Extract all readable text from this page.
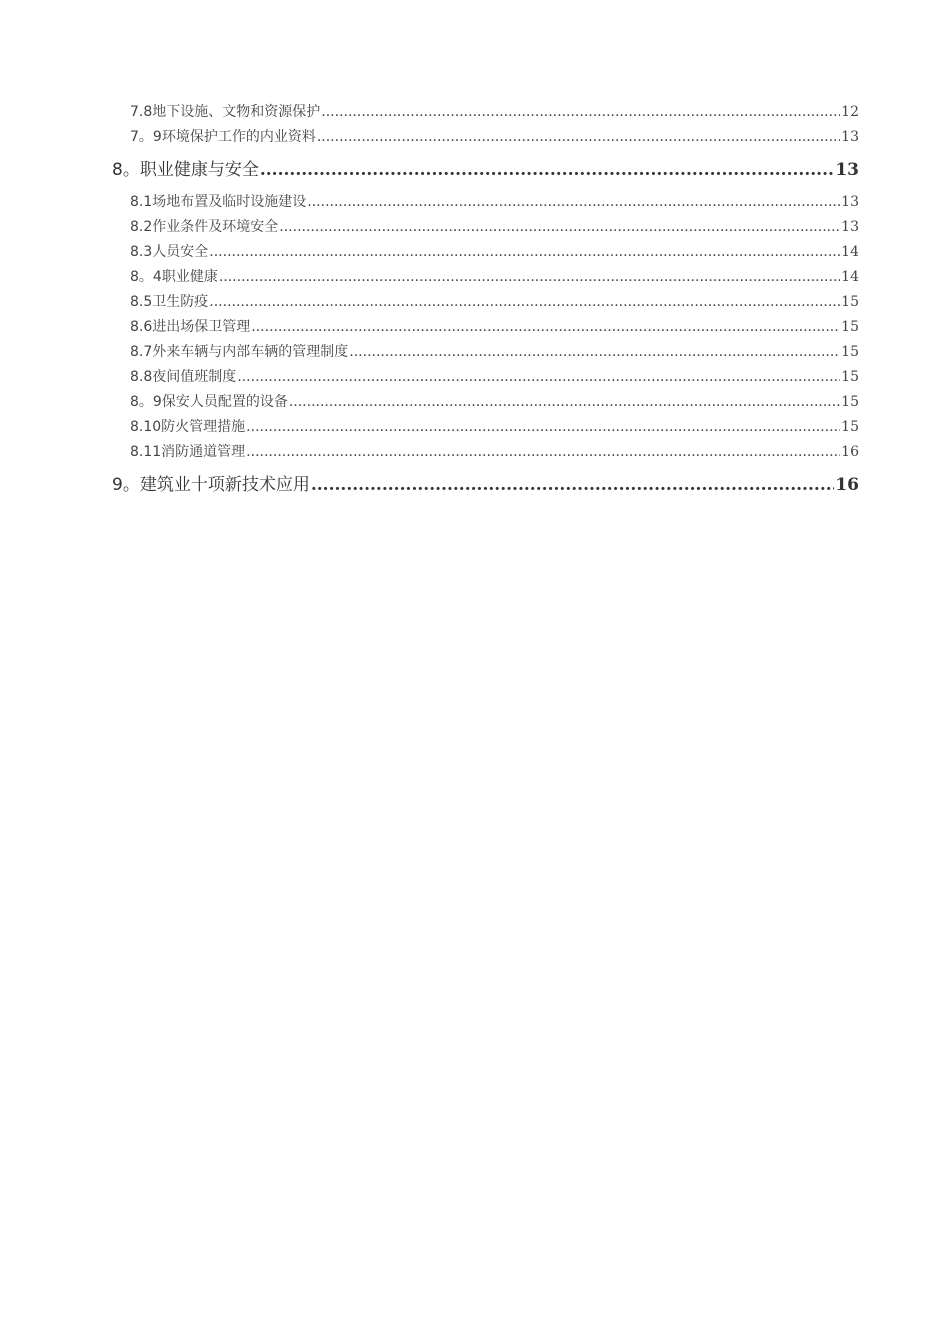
7.8地下设施、文物和资源保护 .....	12
7。9环境保护工作的内业资料 .....	13
8。职业健康与安全 .....	13
8.1场地布置及临时设施建设 .....	13
8.2作业条件及环境安全 .....	13
8.3人员安全 .....	14
8。4职业健康 .....	14
8.5卫生防疫 .....	15
8.6进出场保卫管理 .....	15
8.7外来车辆与内部车辆的管理制度 .....	15
8.8夜间值班制度 .....	15
8。9保安人员配置的设备 .....	15
8.10防火管理措施 .....	15
8.11消防通道管理 .....	16
9。建筑业十项新技术应用 .....	16
